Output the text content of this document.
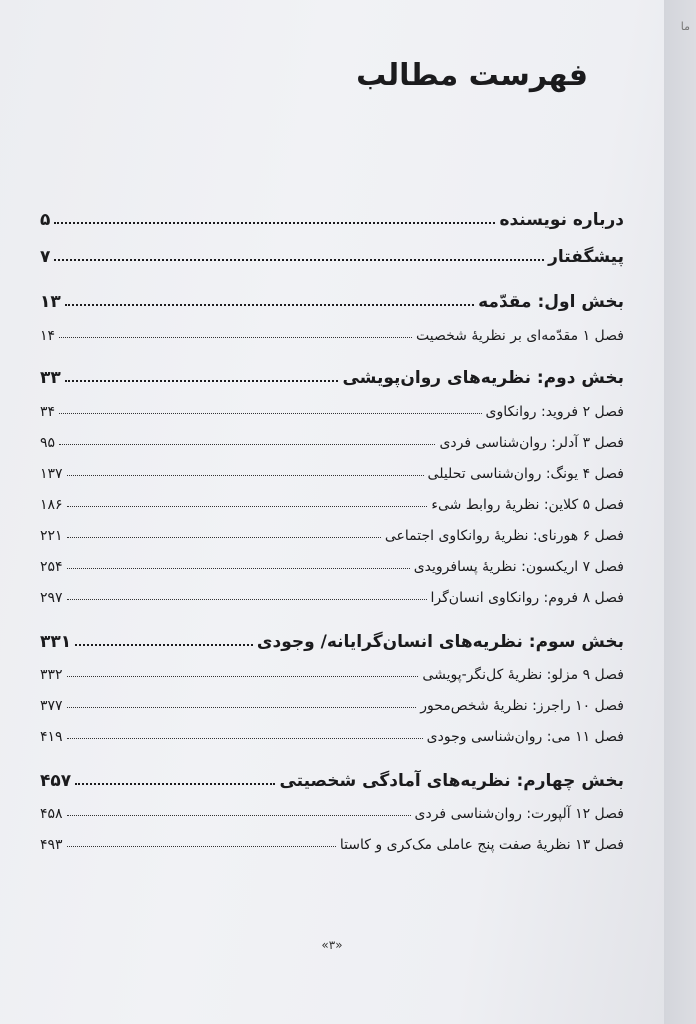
فهرست مطالب
درباره نویسنده
۵
پیشگفتار
۷
بخش اول: مقدّمه
۱۳
فصل ۱ مقدّمه‌ای بر نظریهٔ شخصیت
۱۴
بخش دوم: نظریه‌های روان‌پویشی
۳۳
فصل ۲ فروید: روانکاوی
۳۴
فصل ۳ آدلر: روان‌شناسی فردی
۹۵
فصل ۴ یونگ: روان‌شناسی تحلیلی
۱۳۷
فصل ۵ کلاین: نظریهٔ روابط شیء
۱۸۶
فصل ۶ هورنای: نظریهٔ روانکاوی اجتماعی
۲۲۱
فصل ۷ اریکسون: نظریهٔ پسافرویدی
۲۵۴
فصل ۸ فروم: روانکاوی انسان‌گرا
۲۹۷
بخش سوم: نظریه‌های انسان‌گرایانه/ وجودی
۳۳۱
فصل ۹ مزلو: نظریهٔ کل‌نگر-پویشی
۳۳۲
فصل ۱۰ راجرز: نظریهٔ شخص‌محور
۳۷۷
فصل ۱۱ می: روان‌شناسی وجودی
۴۱۹
بخش چهارم: نظریه‌های آمادگی شخصیتی
۴۵۷
فصل ۱۲ آلپورت: روان‌شناسی فردی
۴۵۸
فصل ۱۳ نظریهٔ صفت پنج عاملی مک‌کری و کاستا
۴۹۳
«۳»
ما
